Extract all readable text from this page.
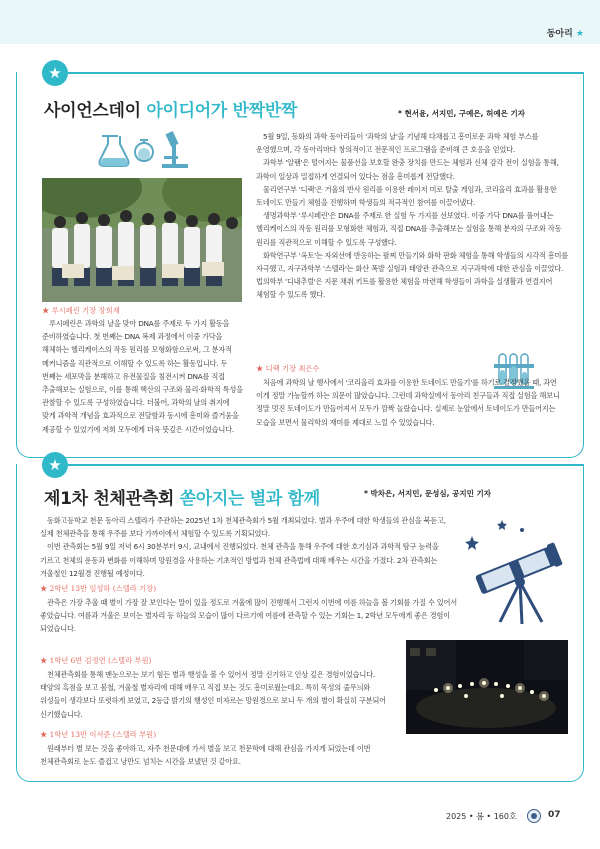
동아리 ★
★
사이언스데이 아이디어가 반짝반짝	* 현서윤, 서지민, 구예은, 허예은 기자
★ 루시페린 기장 장희재

루시페린은 과학의 날을 맞아 DNA를 주제로 두 가지 활동을 준비하였습니다. 첫 번째는 DNA 복제 과정에서 이중 가닥을 해체하는 헬리케이스의 작동 원리를 모형화함으로써, 그 분자적 메커니즘을 직관적으로 이해할 수 있도록 하는 활동입니다. 두 번째는 세포막을 분해하고 유전물질을 침전시켜 DNA를 직접 추출해보는 실험으로, 이를 통해 핵산의 구조와 물리·화학적 특성을 관찰할 수 있도록 구성하였습니다. 더불어, 과학의 날의 취지에 맞게 과학적 개념을 효과적으로 전달함과 동시에 흥미와 즐거움을 제공할 수 있었기에 저희 모두에게 더욱 뜻깊은 시간이었습니다.

5월 9일, 동화의 과학 동아리들이 '과학의 날'을 기념해 다채롭고 흥미로운 과학 체험 부스를 운영했으며, 각 동아리마다 창의적이고 전문적인 프로그램을 준비해 큰 호응을 얻었다.

과학부 '알팸'은 떨어지는 물품선을 보호할 완충 장치를 만드는 체험과 신체 감각 전이 실험을 통해, 과학이 일상과 밀접하게 연결되어 있다는 점을 흥미롭게 전달했다.

물리연구부 '디랙'은 거울의 반사 원리를 이용한 레이저 미로 탈출 게임과, 코리올리 효과를 활용한 토네이도 만들기 체험을 진행하며 학생들의 적극적인 참여를 이끌어냈다.

생명과학부 '루시페린'은 DNA를 주제로 한 실험 두 가지를 선보였다. 이중 가닥 DNA를 풀어내는 헬리케이스의 작동 원리를 모형화한 체험과, 직접 DNA를 추출해보는 실험을 통해 분자의 구조와 작동 원리를 직관적으로 이해할 수 있도록 구성했다.

화학연구부 '옥토'는 자외선에 반응하는 팔찌 만들기와 화학 판화 체험을 통해 학생들의 시각적 흥미를 자극했고, 지구과학부 '스텔라'는 화산 폭발 실험과 태양관 관측으로 지구과학에 대한 관심을 이끌었다. 법의학부 '디내추럴'은 지문 채취 키트를 활용한 체험을 마련해 학생들이 과학을 실생활과 연결지어 체험할 수 있도록 했다.

★ 디랙 기장 최은수

처음에 과학의 날 행사에서 '코리올리 효과를 이용한 토네이도 만들기'를 하기로 결정했을 때, 과연 이게 정말 가능할까 하는 의문이 많았습니다. 그런데 과학실에서 동아리 친구들과 직접 실험을 해보니 정말 멋진 토네이도가 만들어져서 모두가 깜짝 놀랐습니다. 실제로 눈앞에서 토네이도가 만들어지는 모습을 보면서 물리학의 재미를 제대로 느낄 수 있었습니다.

★
제1차 천체관측회 쏟아지는 별과 함께	* 박차은, 서지민, 문성심, 공지민 기자

동화고등학교 천문 동아리 스텔라가 주관하는 2025년 1차 천체관측회가 5월 개최되었다. 별과 우주에 대한 학생들의 관심을 북돋고, 실제 천체관측을 통해 우주를 보다 가까이에서 체험할 수 있도록 기획되었다.

이번 관측회는 5월 9일 저녁 6시 30분부터 9시, 교내에서 진행되었다. 천체 관측을 통해 우주에 대한 호기심과 과학적 탐구 능력을 기르고 천체의 운동과 변화를 이해하며 망원경을 사용하는 기초적인 방법과 천체 관측법에 대해 배우는 시간을 가졌다. 2차 관측회는 겨울철인 12월경 진행될 예정이다.

★ 2학년 13반 임성하 (스텔라 기장)

관측은 가장 추울 때 별이 가장 잘 보인다는 말이 있을 정도로 겨울에 많이 진행해서 그런지 이번에 여름 하늘을 볼 기회를 가질 수 있어서 좋았습니다. 여름과 겨울은 보이는 별자리 등 하늘의 모습이 많이 다르기에 여름에 관측할 수 있는 기회는 1, 2학년 모두에게 좋은 경험이 되었습니다.

★ 1학년 6반 김정연 (스텔라 부원)

천체관측회를 통해 맨눈으로는 보기 힘든 별과 행성을 볼 수 있어서 정말 신기하고 인상 깊은 경험이었습니다. 태양의 흑점을 보고 봄철, 겨울철 별자리에 대해 배우고 직접 보는 것도 흥미로웠는데요. 특히 목성의 줄무늬와 위성들이 생각보다 또렷하게 보였고, 2등급 밝기의 행성인 미자르는 망원경으로 보니 두 개의 별이 확실히 구분되어 신기했습니다.

★ 1학년 13반 이서준 (스텔라 부원)

원래부터 별 보는 것을 좋아하고, 자주 천문대에 가서 별을 보고 천문학에 대해 관심을 가지게 되었는데 이번 천체관측회로 눈도 즐겁고 낭만도 넘치는 시간을 보냈던 것 같아요.

2025 • 봄 • 160호	07
